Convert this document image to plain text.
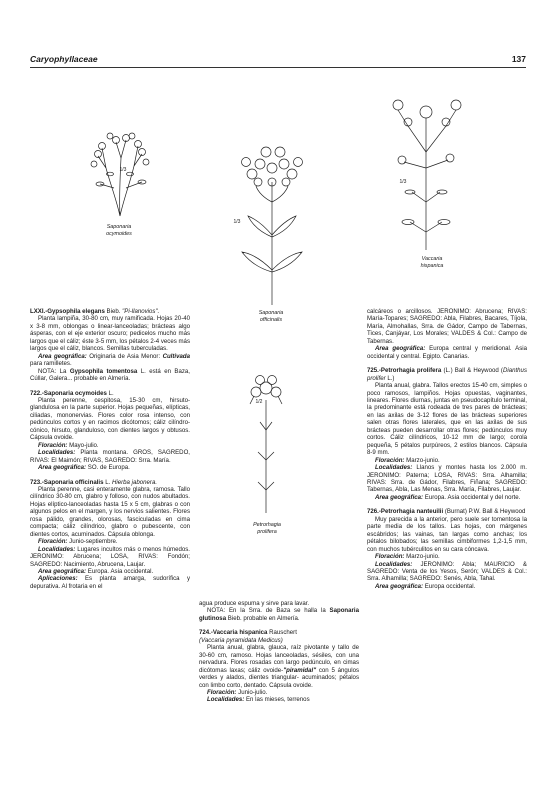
Caryophyllaceae	137
1/3
Saponaria
ocymoides
1/3
Saponaria
officinalis
1/3
Vaccaria
hispanica
1/2
Petrorhagia
prolifera

LXXI.-Gypsophila elegans Bieb. "Pi-llanovios".

Planta lampiña, 30-80 cm, muy ramificada. Hojas 20-40 x 3-8 mm, oblongas o linear-lanceoladas; brácteas algo ásperas, con el eje exterior oscuro; pedicelos mucho más largos que el cáliz; éste 3-5 mm, los pétalos 2-4 veces más largos que el cáliz, blancos. Semillas tuberculadas.

Area geográfica: Originaria de Asia Menor: Cultivada para ramilletes.

NOTA: La Gypsophila tomentosa L. está en Baza, Cúllar, Galera... probable en Almería.

722.-Saponaria ocymoides L.

Planta perenne, cespitosa, 15-30 cm, hirsuto-glandulosa en la parte superior. Hojas pequeñas, elípticas, ciliadas, mononervias. Flores color rosa intenso, con pedúnculos cortos y en racimos dicótomos; cáliz cilíndro-cónico, hirsuto, glanduloso, con dientes largos y obtusos. Cápsula ovoide.

Floración: Mayo-julio.

Localidades: Planta montana. GROS, SAGREDO, RIVAS: El Maimón; RIVAS, SAGREDO: Srra. María.

Area geográfica: SO. de Europa.

723.-Saponaria officinalis L. Hierba jabonera.

Planta perenne, casi enteramente glabra, ramosa. Tallo cilíndrico 30-80 cm, glabro y folloso, con nudos abultados. Hojas elíptico-lanceoladas hasta 15 x 5 cm, glabras o con algunos pelos en el margen, y los nervios salientes. Flores rosa pálido, grandes, olorosas, fasciculadas en cima compacta; cáliz cilíndrico, glabro o pubescente, con dientes cortos, acuminados. Cápsula oblonga.

Floración: Junio-septiembre.

Localidades: Lugares incultos más o menos húmedos. JERONIMO: Abrucena; LOSA, RIVAS: Fondón; SAGREDO: Nacimiento, Abrucena, Laujar.

Area geográfica: Europa. Asia occidental.

Aplicaciones: Es planta amarga, sudorífica y depurativa. Al frotaria en el

agua produce espuma y sirve para lavar.

NOTA: En la Srra. de Baza se halla la Saponaria glutinosa Bieb. probable en Almería.

724.-Vaccaria hispanica Rauschert

(Vaccaria pyramidata Medicus)

Planta anual, glabra, glauca, raíz pivotante y tallo de 30-60 cm, ramoso. Hojas lanceoladas, sésiles, con una nervadura. Flores rosadas con largo pedúnculo, en cimas dicótomas laxas; cáliz ovoide-"piramidal" con 5 ángulos verdes y alados, dientes triangular- acuminados; pétalos con limbo corto, dentado. Cápsula ovoide.

Floración: Junio-julio.

Localidades: En las mieses, terrenos

calcáreos o arcillosos. JERONIMO: Abrucena; RIVAS: María-Topares; SAGREDO: Abla, Filabres, Bacares, Tíjola, María, Almohallas, Srra. de Gádor, Campo de Tabernas, Tices, Canjáyar, Los Morales; VALDES & Col.: Campo de Tabernas.

Area geográfica: Europa central y meridional. Asia occidental y central. Egipto. Canarias.

725.-Petrorhagia prolifera (L.) Ball & Heywood (Dianthus prolifer L.)

Planta anual, glabra. Tallos erectos 15-40 cm, simples o poco ramosos, lampiños. Hojas opuestas, vaginantes, lineares. Flores diurnas, juntas en pseudocapítulo terminal, la predominante está rodeada de tres pares de brácteas; en las axilas de 3-12 flores de las brácteas superiores salen otras flores laterales, que en las axilas de sus brácteas pueden desarrollar otras flores; pedúnculos muy cortos. Cáliz cilíndricos, 10-12 mm de largo; corola pequeña, 5 pétalos purpúreos, 2 estilos blancos. Cápsula 8-9 mm.

Floración: Marzo-junio.

Localidades: Llanos y montes hasta los 2.000 m. JERONIMO: Paterna; LOSA, RIVAS: Srra. Alhamilla; RIVAS: Srra. de Gádor, Filabres, Fiñana; SAGREDO: Tabernas, Abla, Las Menas, Srra. María, Filabres, Laujar.

Area geográfica: Europa. Asia occidental y del norte.

726.-Petrorhagia nanteuilii (Burnat) P.W. Ball & Heywood

Muy parecida a la anterior, pero suele ser tomentosa la parte media de los tallos. Las hojas, con márgenes escábridos; las vainas, tan largas como anchas; los pétalos bilobados; las semillas cimbiformes 1,2-1,5 mm, con muchos tubérculitos en su cara cóncava.

Floración: Marzo-junio.

Localidades: JERONIMO: Abla; MAURICIO & SAGREDO: Venta de los Yesos, Serón; VALDES & Col.: Srra. Alhamilla; SAGREDO: Senés, Abla, Tahal.

Area geográfica: Europa occidental.
